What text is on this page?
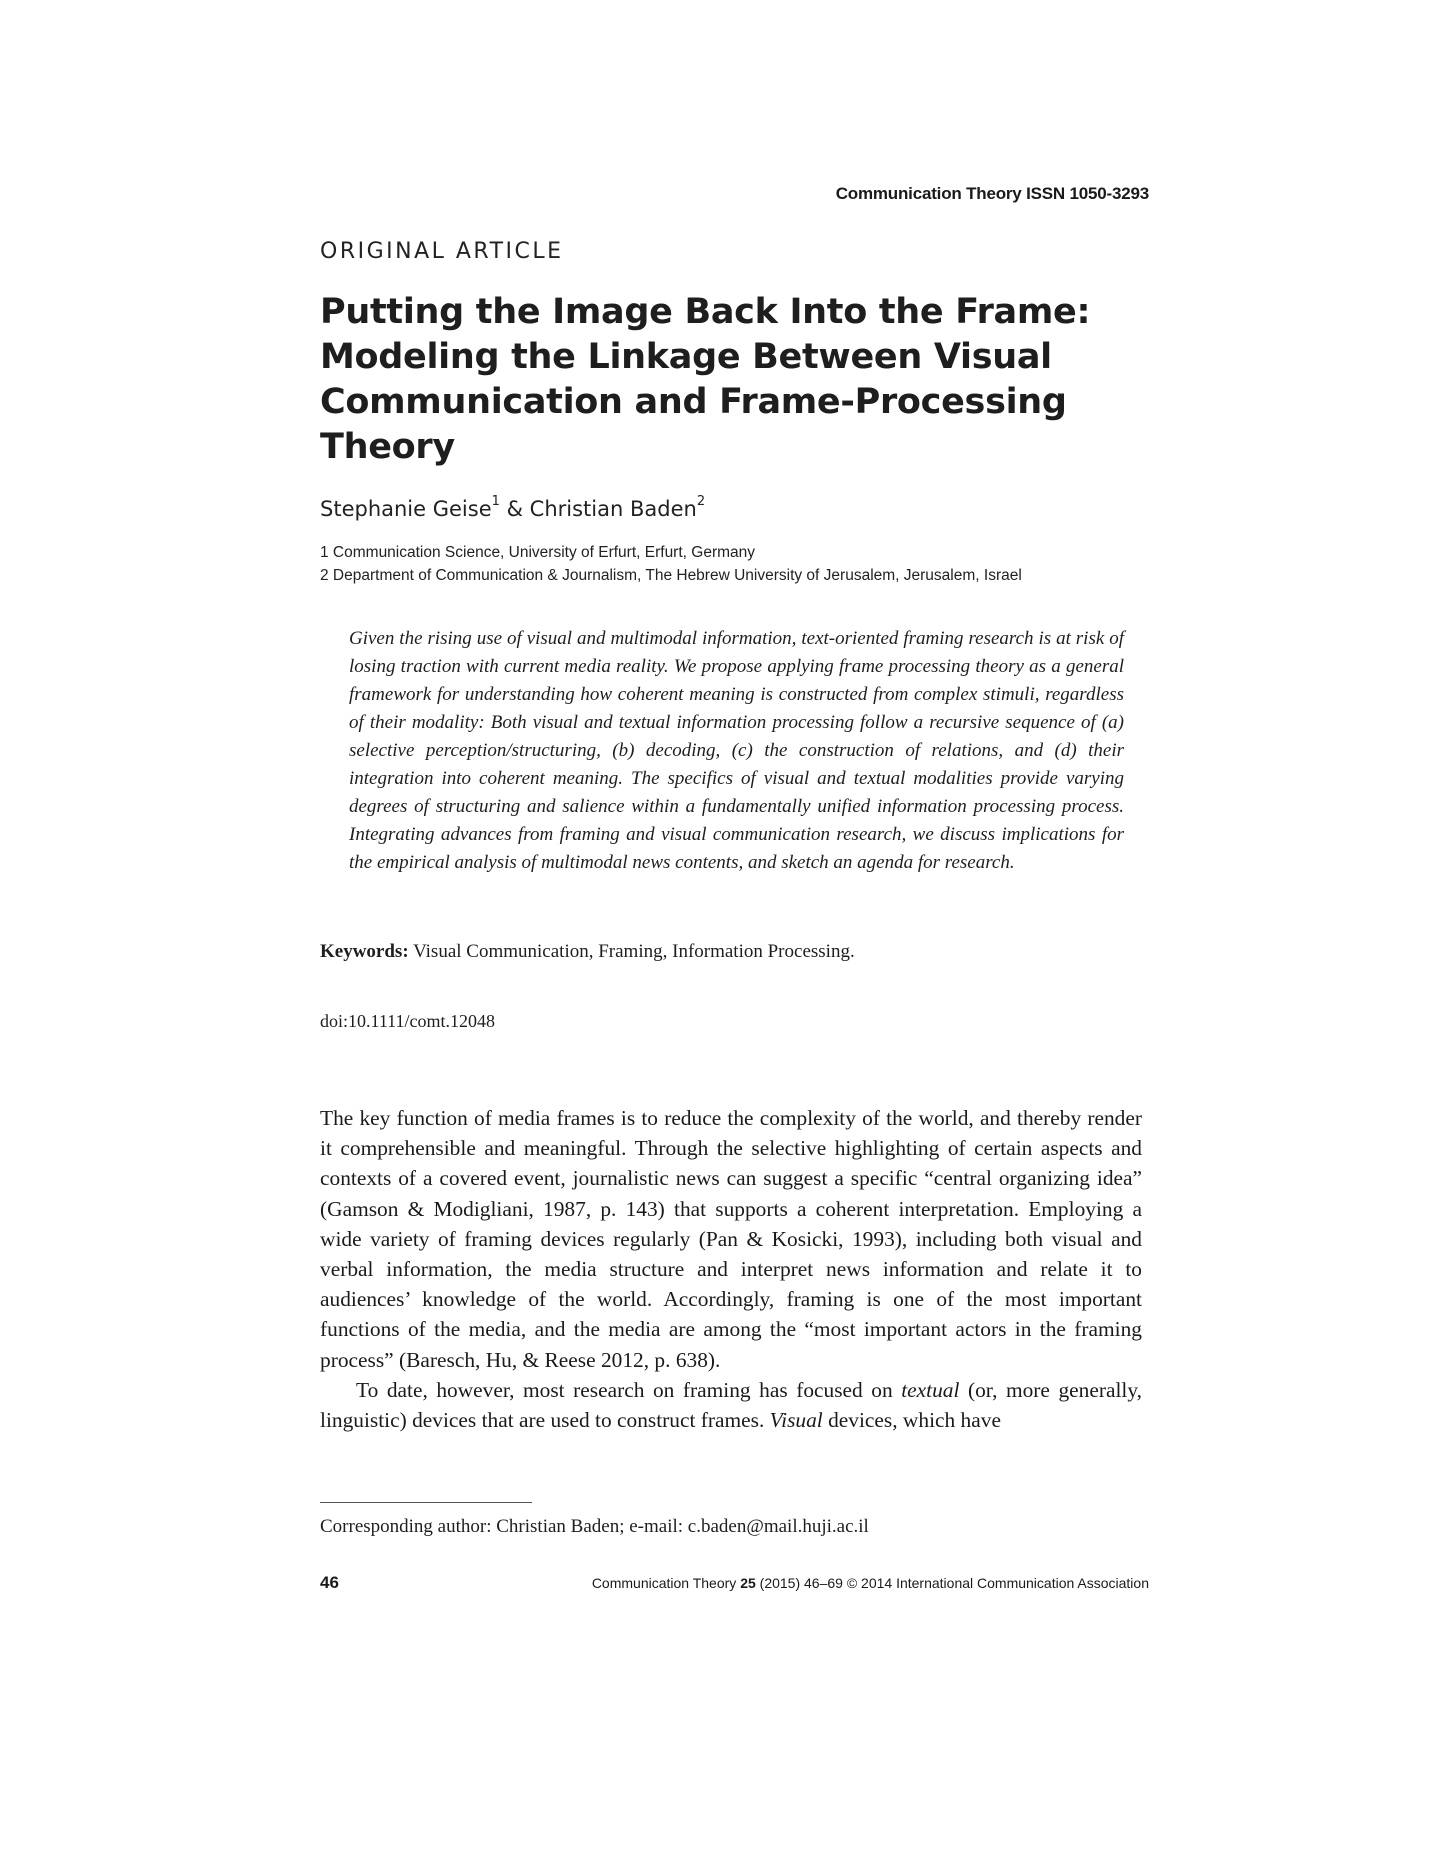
Communication Theory ISSN 1050-3293
ORIGINAL ARTICLE
Putting the Image Back Into the Frame: Modeling the Linkage Between Visual Communication and Frame-Processing Theory
Stephanie Geise$^1$ & Christian Baden$^2$
1 Communication Science, University of Erfurt, Erfurt, Germany
2 Department of Communication & Journalism, The Hebrew University of Jerusalem, Jerusalem, Israel

Given the rising use of visual and multimodal information, text-oriented framing research is at risk of losing traction with current media reality. We propose applying frame processing theory as a general framework for understanding how coherent meaning is constructed from complex stimuli, regardless of their modality: Both visual and textual information processing follow a recursive sequence of (a) selective perception/structuring, (b) decoding, (c) the construction of relations, and (d) their integration into coherent meaning. The specifics of visual and textual modalities provide varying degrees of structuring and salience within a fundamentally unified information processing process. Integrating advances from framing and visual communication research, we discuss implications for the empirical analysis of multimodal news contents, and sketch an agenda for research.

Keywords: Visual Communication, Framing, Information Processing.
doi:10.1111/comt.12048

The key function of media frames is to reduce the complexity of the world, and thereby render it comprehensible and meaningful. Through the selective highlighting of certain aspects and contexts of a covered event, journalistic news can suggest a specific “central organizing idea” (Gamson & Modigliani, 1987, p. 143) that supports a coherent interpretation. Employing a wide variety of framing devices regularly (Pan & Kosicki, 1993), including both visual and verbal information, the media structure and interpret news information and relate it to audiences’ knowledge of the world. Accordingly, framing is one of the most important functions of the media, and the media are among the “most important actors in the framing process” (Baresch, Hu, & Reese 2012, p. 638).

To date, however, most research on framing has focused on textual (or, more generally, linguistic) devices that are used to construct frames. Visual devices, which have

Corresponding author: Christian Baden; e-mail: c.baden@mail.huji.ac.il
46	Communication Theory 25 (2015) 46–69 © 2014 International Communication Association
